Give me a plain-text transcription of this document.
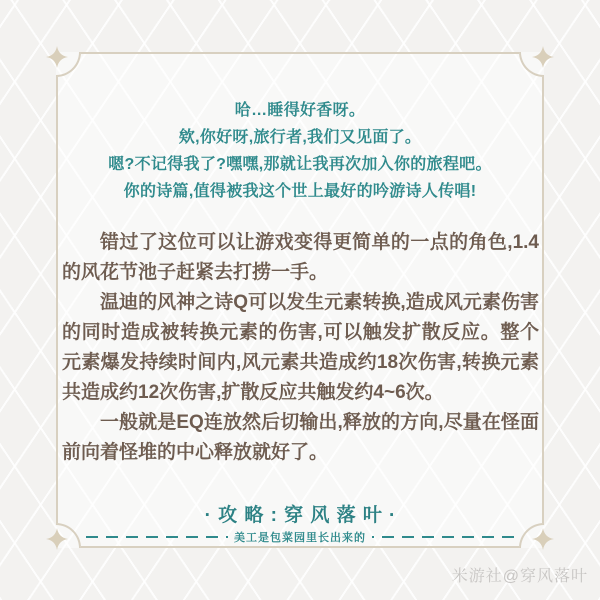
哈…睡得好香呀。
欸,你好呀,旅行者,我们又见面了。
嗯?不记得我了?嘿嘿,那就让我再次加入你的旅程吧。
你的诗篇,值得被我这个世上最好的吟游诗人传唱!

错过了这位可以让游戏变得更简单的一点的角色,1.4的风花节池子赶紧去打捞一手。

温迪的风神之诗Q可以发生元素转换,造成风元素伤害的同时造成被转换元素的伤害,可以触发扩散反应。整个元素爆发持续时间内,风元素共造成约18次伤害,转换元素共造成约12次伤害,扩散反应共触发约4~6次。

一般就是EQ连放然后切输出,释放的方向,尽量在怪面前向着怪堆的中心释放就好了。

·攻略:穿风落叶·
美工是包菜园里长出来的
米游社@穿风落叶
